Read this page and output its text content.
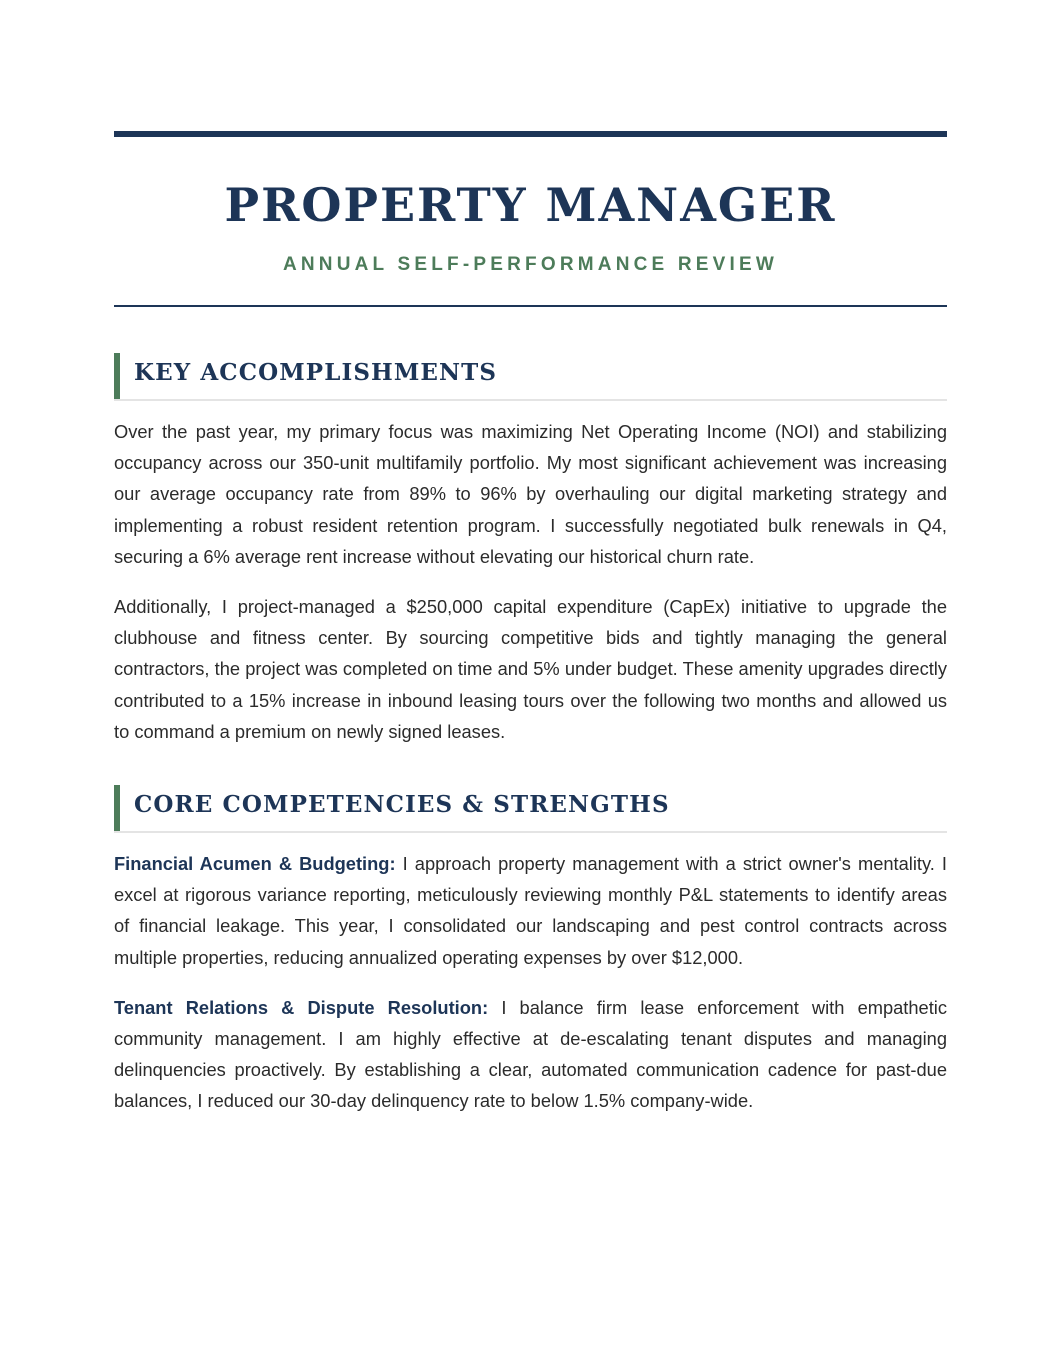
PROPERTY MANAGER
ANNUAL SELF-PERFORMANCE REVIEW
KEY ACCOMPLISHMENTS

Over the past year, my primary focus was maximizing Net Operating Income (NOI) and stabilizing occupancy across our 350-unit multifamily portfolio. My most significant achievement was increasing our average occupancy rate from 89% to 96% by overhauling our digital marketing strategy and implementing a robust resident retention program. I successfully negotiated bulk renewals in Q4, securing a 6% average rent increase without elevating our historical churn rate.

Additionally, I project-managed a $250,000 capital expenditure (CapEx) initiative to upgrade the clubhouse and fitness center. By sourcing competitive bids and tightly managing the general contractors, the project was completed on time and 5% under budget. These amenity upgrades directly contributed to a 15% increase in inbound leasing tours over the following two months and allowed us to command a premium on newly signed leases.

CORE COMPETENCIES & STRENGTHS

Financial Acumen & Budgeting: I approach property management with a strict owner's mentality. I excel at rigorous variance reporting, meticulously reviewing monthly P&L statements to identify areas of financial leakage. This year, I consolidated our landscaping and pest control contracts across multiple properties, reducing annualized operating expenses by over $12,000.

Tenant Relations & Dispute Resolution: I balance firm lease enforcement with empathetic community management. I am highly effective at de-escalating tenant disputes and managing delinquencies proactively. By establishing a clear, automated communication cadence for past-due balances, I reduced our 30-day delinquency rate to below 1.5% company-wide.
